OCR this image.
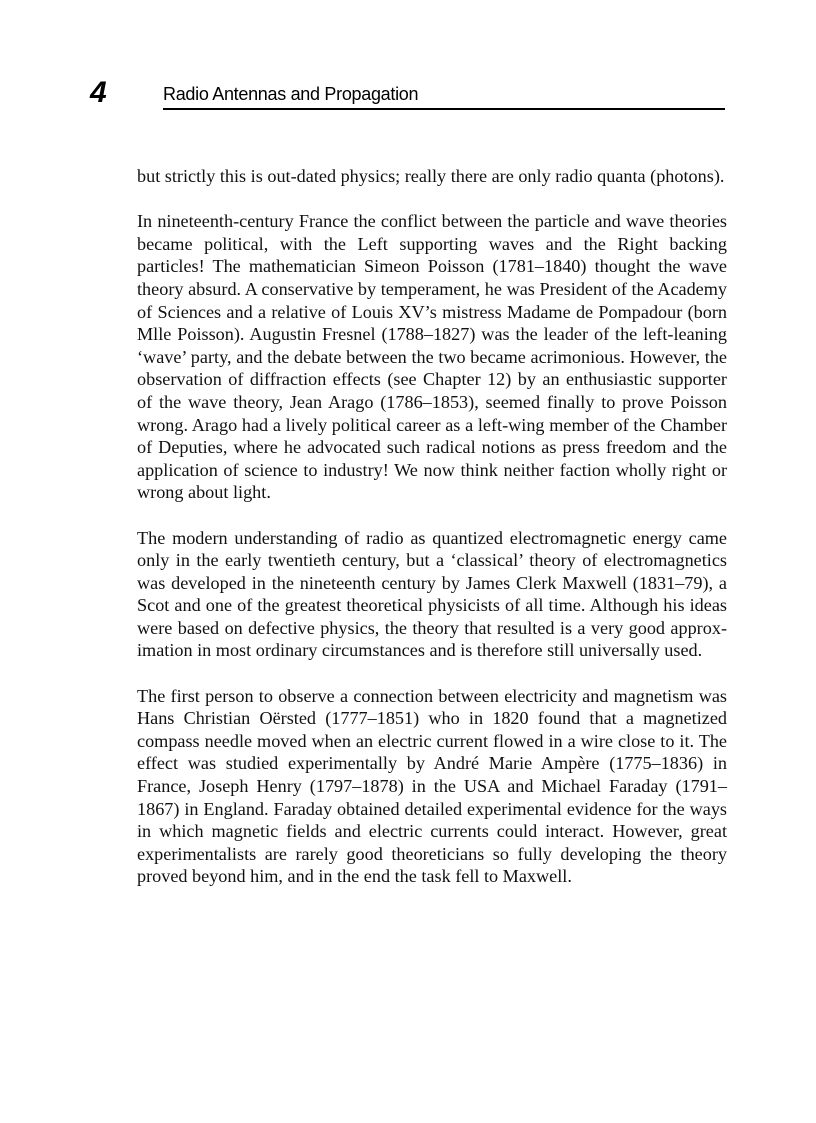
4	Radio Antennas and Propagation

but strictly this is out-dated physics; really there are only radio quanta (photons).

In nineteenth-century France the conflict between the particle and wave theories became political, with the Left supporting waves and the Right backing particles! The mathematician Simeon Poisson (1781–1840) thought the wave theory absurd. A conservative by temperament, he was President of the Academy of Sciences and a relative of Louis XV’s mistress Madame de Pompadour (born Mlle Poisson). Augustin Fresnel (1788–1827) was the leader of the left-leaning ‘wave’ party, and the debate between the two became acrimonious. However, the observation of diffraction effects (see Chapter 12) by an enthusiastic supporter of the wave theory, Jean Arago (1786–1853), seemed finally to prove Poisson wrong. Arago had a lively political career as a left-wing member of the Chamber of Deputies, where he advocated such radical notions as press freedom and the application of science to industry! We now think neither faction wholly right or wrong about light.

The modern understanding of radio as quantized electromagnetic energy came only in the early twentieth century, but a ‘classical’ theory of electromagnetics was developed in the nineteenth century by James Clerk Maxwell (1831–79), a Scot and one of the greatest theoretical physicists of all time. Although his ideas were based on defective physics, the theory that resulted is a very good approximation in most ordinary circumstances and is therefore still universally used.

The first person to observe a connection between electricity and magnetism was Hans Christian Oërsted (1777–1851) who in 1820 found that a magnetized compass needle moved when an electric current flowed in a wire close to it. The effect was studied experimentally by André Marie Ampère (1775–1836) in France, Joseph Henry (1797–1878) in the USA and Michael Faraday (1791–1867) in England. Faraday obtained detailed experimental evidence for the ways in which magnetic fields and electric currents could interact. However, great experimentalists are rarely good theoreticians so fully developing the theory proved beyond him, and in the end the task fell to Maxwell.
